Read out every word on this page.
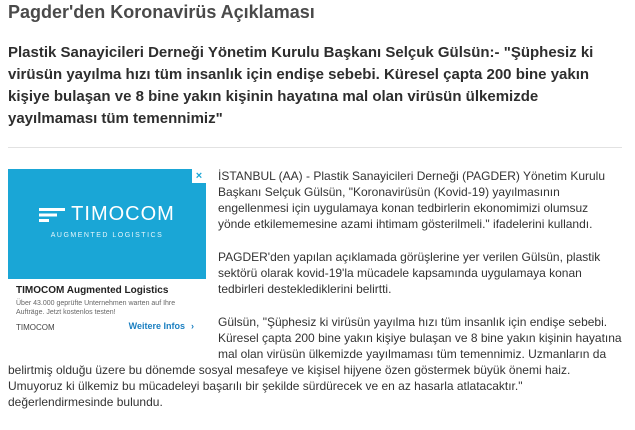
Pagder'den Koronavirüs Açıklaması
Plastik Sanayicileri Derneği Yönetim Kurulu Başkanı Selçuk Gülsün:- "Şüphesiz ki virüsün yayılma hızı tüm insanlık için endişe sebebi. Küresel çapta 200 bine yakın kişiye bulaşan ve 8 bine yakın kişinin hayatına mal olan virüsün ülkemizde yayılmaması tüm temennimiz"

İSTANBUL (AA) - Plastik Sanayicileri Derneği (PAGDER) Yönetim Kurulu Başkanı Selçuk Gülsün, "Koronavirüsün (Kovid-19) yayılmasının engellenmesi için uygulamaya konan tedbirlerin ekonomimizi olumsuz yönde etkilememesine azami ihtimam gösterilmeli." ifadelerini kullandı.

PAGDER'den yapılan açıklamada görüşlerine yer verilen Gülsün, plastik sektörü olarak kovid-19'la mücadele kapsamında uygulamaya konan tedbirleri desteklediklerini belirtti.

Gülsün, "Şüphesiz ki virüsün yayılma hızı tüm insanlık için endişe sebebi. Küresel çapta 200 bine yakın kişiye bulaşan ve 8 bine yakın kişinin hayatına mal olan virüsün ülkemizde yayılmaması tüm temennimiz. Uzmanların da belirtmiş olduğu üzere bu dönemde sosyal mesafeye ve kişisel hijyene özen göstermek büyük önemi haiz. Umuyoruz ki ülkemiz bu mücadeleyi başarılı bir şekilde sürdürecek ve en az hasarla atlatacaktır." değerlendirmesinde bulundu.

×
TIMOCOM
AUGMENTED LOGISTICS
TIMOCOM Augmented Logistics
Über 43.000 geprüfte Unternehmen warten auf Ihre Aufträge. Jetzt kostenlos testen!
TIMOCOM	Weitere Infos ›
